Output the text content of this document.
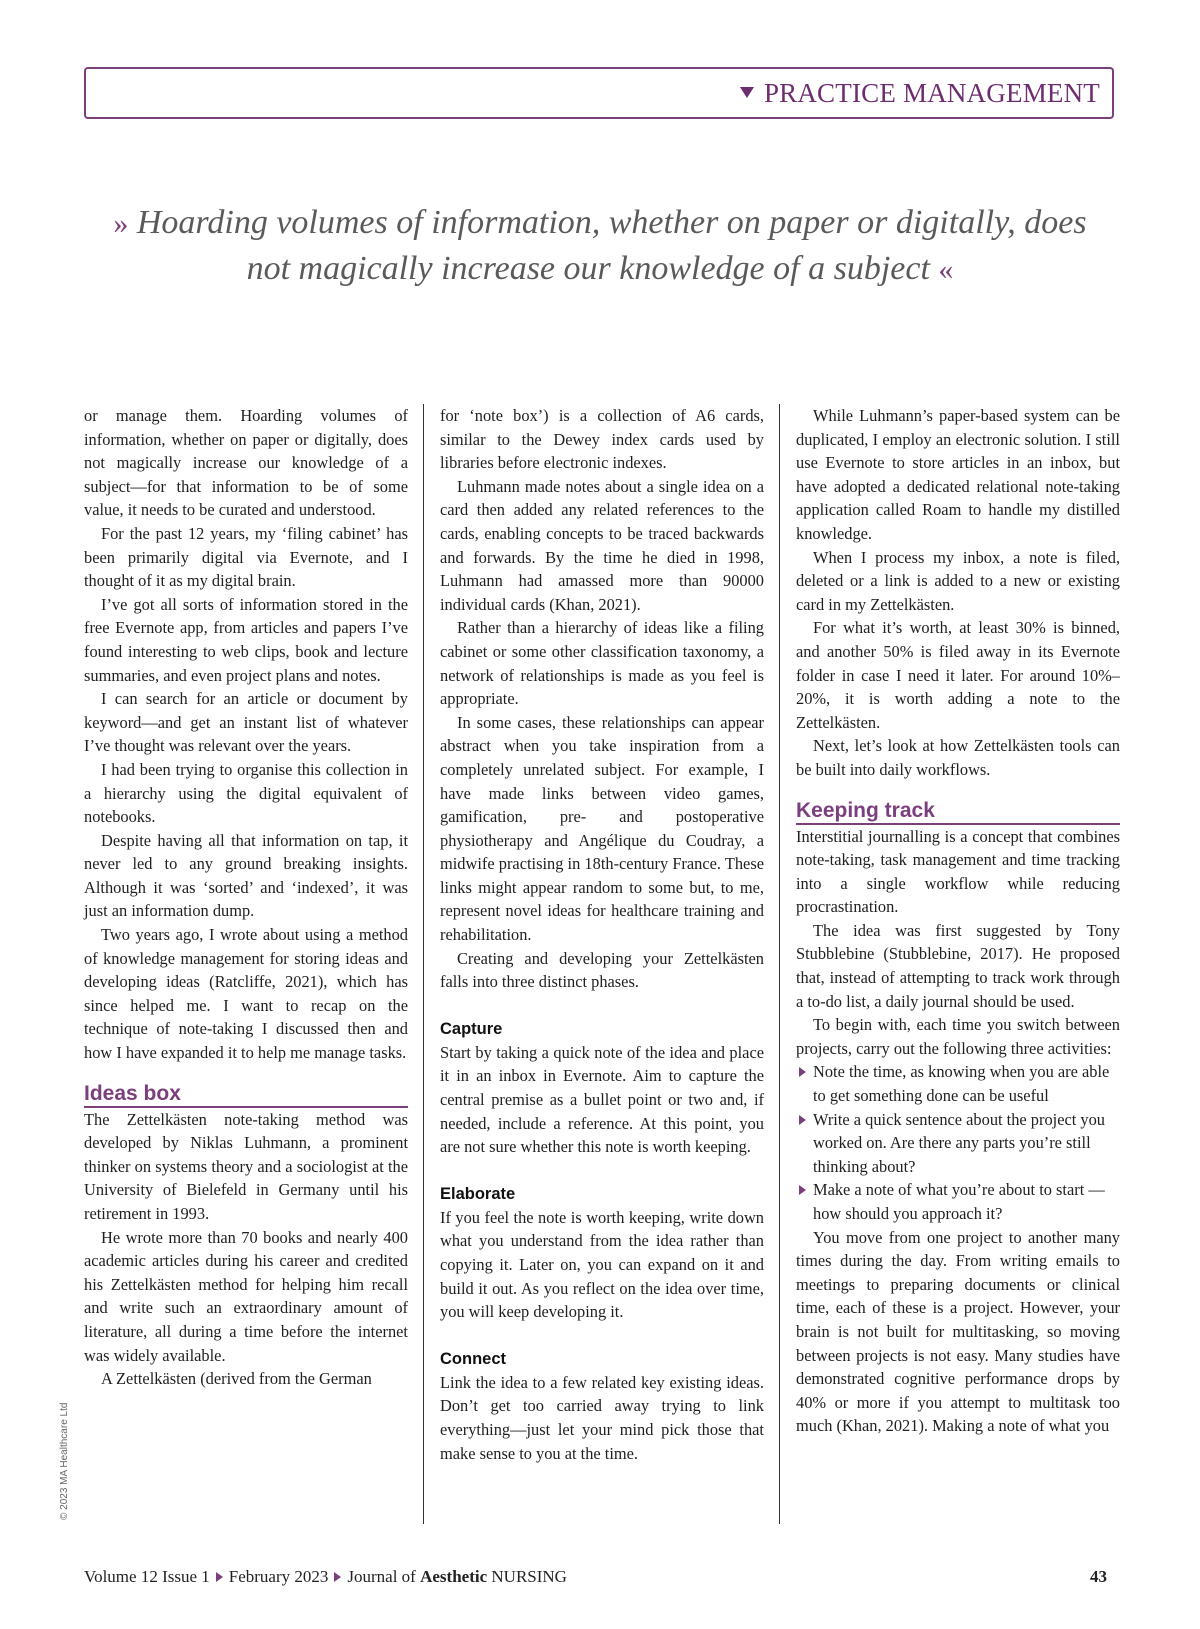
PRACTICE MANAGEMENT
» Hoarding volumes of information, whether on paper or digitally, does not magically increase our knowledge of a subject «

or manage them. Hoarding volumes of information, whether on paper or digitally, does not magically increase our knowledge of a subject—for that information to be of some value, it needs to be curated and understood.

For the past 12 years, my ‘filing cabinet’ has been primarily digital via Evernote, and I thought of it as my digital brain.

I’ve got all sorts of information stored in the free Evernote app, from articles and papers I’ve found interesting to web clips, book and lecture summaries, and even project plans and notes.

I can search for an article or document by keyword—and get an instant list of whatever I’ve thought was relevant over the years.

I had been trying to organise this collection in a hierarchy using the digital equivalent of notebooks.

Despite having all that information on tap, it never led to any ground breaking insights. Although it was ‘sorted’ and ‘indexed’, it was just an information dump.

Two years ago, I wrote about using a method of knowledge management for storing ideas and developing ideas (Ratcliffe, 2021), which has since helped me. I want to recap on the technique of note-taking I discussed then and how I have expanded it to help me manage tasks.

Ideas box

The Zettelkästen note-taking method was developed by Niklas Luhmann, a prominent thinker on systems theory and a sociologist at the University of Bielefeld in Germany until his retirement in 1993.

He wrote more than 70 books and nearly 400 academic articles during his career and credited his Zettelkästen method for helping him recall and write such an extraordinary amount of literature, all during a time before the internet was widely available.

A Zettelkästen (derived from the German

for ‘note box’) is a collection of A6 cards, similar to the Dewey index cards used by libraries before electronic indexes.

Luhmann made notes about a single idea on a card then added any related references to the cards, enabling concepts to be traced backwards and forwards. By the time he died in 1998, Luhmann had amassed more than 90000 individual cards (Khan, 2021).

Rather than a hierarchy of ideas like a filing cabinet or some other classification taxonomy, a network of relationships is made as you feel is appropriate.

In some cases, these relationships can appear abstract when you take inspiration from a completely unrelated subject. For example, I have made links between video games, gamification, pre- and postoperative physiotherapy and Angélique du Coudray, a midwife practising in 18th-century France. These links might appear random to some but, to me, represent novel ideas for healthcare training and rehabilitation.

Creating and developing your Zettelkästen falls into three distinct phases.

Capture

Start by taking a quick note of the idea and place it in an inbox in Evernote. Aim to capture the central premise as a bullet point or two and, if needed, include a reference. At this point, you are not sure whether this note is worth keeping.

Elaborate

If you feel the note is worth keeping, write down what you understand from the idea rather than copying it. Later on, you can expand on it and build it out. As you reflect on the idea over time, you will keep developing it.

Connect

Link the idea to a few related key existing ideas. Don’t get too carried away trying to link everything—just let your mind pick those that make sense to you at the time.

While Luhmann’s paper-based system can be duplicated, I employ an electronic solution. I still use Evernote to store articles in an inbox, but have adopted a dedicated relational note-taking application called Roam to handle my distilled knowledge.

When I process my inbox, a note is filed, deleted or a link is added to a new or existing card in my Zettelkästen.

For what it’s worth, at least 30% is binned, and another 50% is filed away in its Evernote folder in case I need it later. For around 10%–20%, it is worth adding a note to the Zettelkästen.

Next, let’s look at how Zettelkästen tools can be built into daily workflows.

Keeping track

Interstitial journalling is a concept that combines note-taking, task management and time tracking into a single workflow while reducing procrastination.

The idea was first suggested by Tony Stubblebine (Stubblebine, 2017). He proposed that, instead of attempting to track work through a to-do list, a daily journal should be used.

To begin with, each time you switch between projects, carry out the following three activities:

Note the time, as knowing when you are able to get something done can be useful
Write a quick sentence about the project you worked on. Are there any parts you’re still thinking about?
Make a note of what you’re about to start —how should you approach it?

You move from one project to another many times during the day. From writing emails to meetings to preparing documents or clinical time, each of these is a project. However, your brain is not built for multitasking, so moving between projects is not easy. Many studies have demonstrated cognitive performance drops by 40% or more if you attempt to multitask too much (Khan, 2021). Making a note of what you

© 2023 MA Healthcare Ltd
Volume 12 Issue 1 February 2023 Journal of Aesthetic NURSING	43
